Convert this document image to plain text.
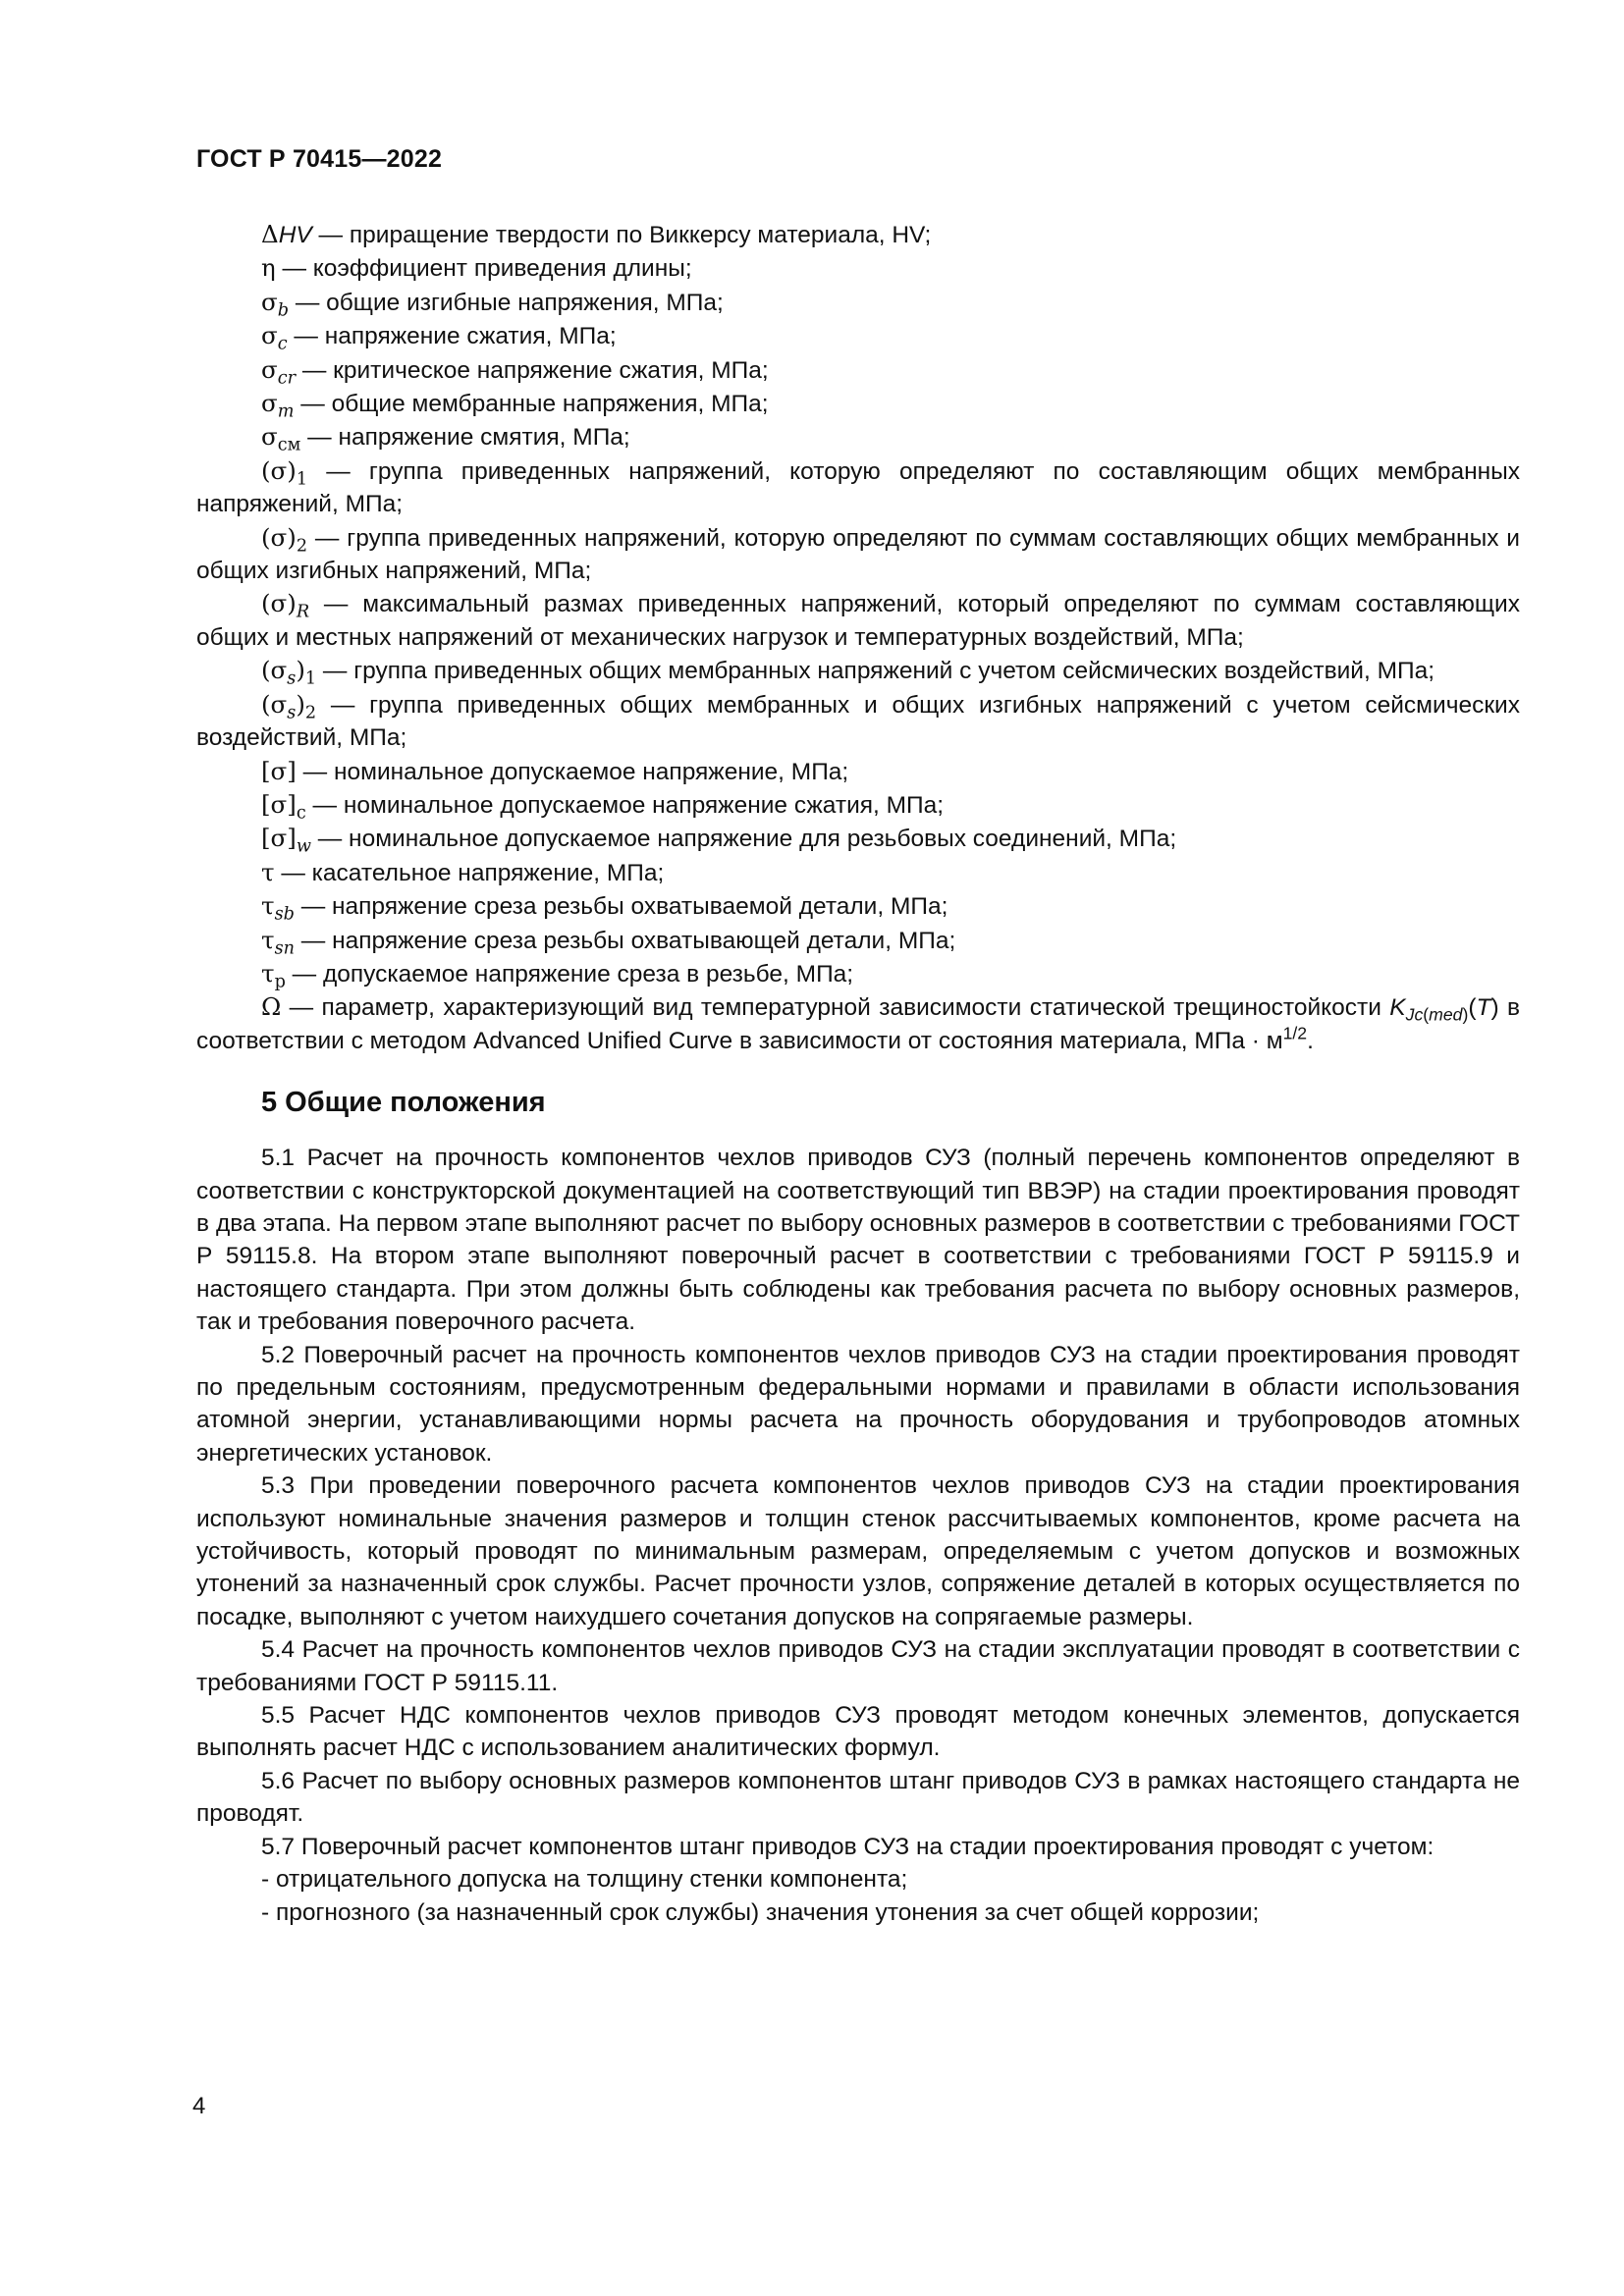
ГОСТ Р 70415—2022

ΔHV — приращение твердости по Виккерсу материала, HV;

η — коэффициент приведения длины;

$\sigma_b$ — общие изгибные напряжения, МПа;

$\sigma_c$ — напряжение сжатия, МПа;

$\sigma_{cr}$ — критическое напряжение сжатия, МПа;

$\sigma_m$ — общие мембранные напряжения, МПа;

$\sigma_{см}$ — напряжение смятия, МПа;

$(\sigma)_1$ — группа приведенных напряжений, которую определяют по составляющим общих мембранных напряжений, МПа;

$(\sigma)_2$ — группа приведенных напряжений, которую определяют по суммам составляющих общих мембранных и общих изгибных напряжений, МПа;

$(\sigma)_R$ — максимальный размах приведенных напряжений, который определяют по суммам составляющих общих и местных напряжений от механических нагрузок и температурных воздействий, МПа;

$(\sigma_s)_1$ — группа приведенных общих мембранных напряжений с учетом сейсмических воздействий, МПа;

$(\sigma_s)_2$ — группа приведенных общих мембранных и общих изгибных напряжений с учетом сейсмических воздействий, МПа;

[σ] — номинальное допускаемое напряжение, МПа;

$[\sigma]_c$ — номинальное допускаемое напряжение сжатия, МПа;

$[\sigma]_w$ — номинальное допускаемое напряжение для резьбовых соединений, МПа;

τ — касательное напряжение, МПа;

$\tau_{sb}$ — напряжение среза резьбы охватываемой детали, МПа;

$\tau_{sn}$ — напряжение среза резьбы охватывающей детали, МПа;

$\tau_p$ — допускаемое напряжение среза в резьбе, МПа;

Ω — параметр, характеризующий вид температурной зависимости статической трещиностойкости $K_{Jc(med)}(T)$ в соответствии с методом Advanced Unified Curve в зависимости от состояния материала, МПа · $м^{1/2}$.

5 Общие положения

5.1 Расчет на прочность компонентов чехлов приводов СУЗ (полный перечень компонентов определяют в соответствии с конструкторской документацией на соответствующий тип ВВЭР) на стадии проектирования проводят в два этапа. На первом этапе выполняют расчет по выбору основных размеров в соответствии с требованиями ГОСТ Р 59115.8. На втором этапе выполняют поверочный расчет в соответствии с требованиями ГОСТ Р 59115.9 и настоящего стандарта. При этом должны быть соблюдены как требования расчета по выбору основных размеров, так и требования поверочного расчета.

5.2 Поверочный расчет на прочность компонентов чехлов приводов СУЗ на стадии проектирования проводят по предельным состояниям, предусмотренным федеральными нормами и правилами в области использования атомной энергии, устанавливающими нормы расчета на прочность оборудования и трубопроводов атомных энергетических установок.

5.3 При проведении поверочного расчета компонентов чехлов приводов СУЗ на стадии проектирования используют номинальные значения размеров и толщин стенок рассчитываемых компонентов, кроме расчета на устойчивость, который проводят по минимальным размерам, определяемым с учетом допусков и возможных утонений за назначенный срок службы. Расчет прочности узлов, сопряжение деталей в которых осуществляется по посадке, выполняют с учетом наихудшего сочетания допусков на сопрягаемые размеры.

5.4 Расчет на прочность компонентов чехлов приводов СУЗ на стадии эксплуатации проводят в соответствии с требованиями ГОСТ Р 59115.11.

5.5 Расчет НДС компонентов чехлов приводов СУЗ проводят методом конечных элементов, допускается выполнять расчет НДС с использованием аналитических формул.

5.6 Расчет по выбору основных размеров компонентов штанг приводов СУЗ в рамках настоящего стандарта не проводят.

5.7 Поверочный расчет компонентов штанг приводов СУЗ на стадии проектирования проводят с учетом:

- отрицательного допуска на толщину стенки компонента;

- прогнозного (за назначенный срок службы) значения утонения за счет общей коррозии;

4
